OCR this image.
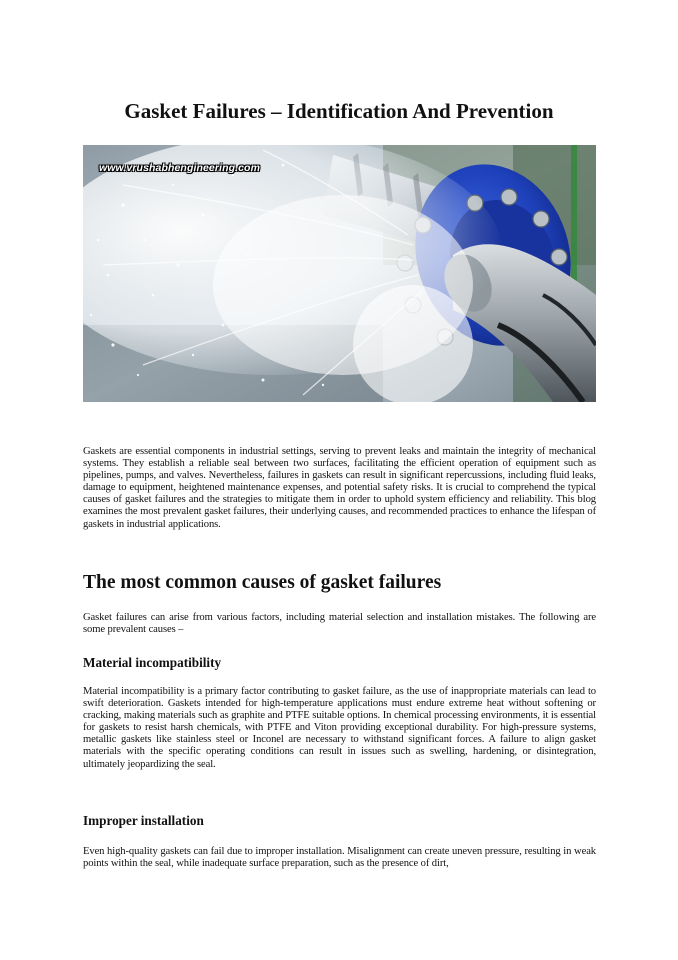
Gasket Failures – Identification And Prevention
www.vrushabhengineering.com

Gaskets are essential components in industrial settings, serving to prevent leaks and maintain the integrity of mechanical systems. They establish a reliable seal between two surfaces, facilitating the efficient operation of equipment such as pipelines, pumps, and valves. Nevertheless, failures in gaskets can result in significant repercussions, including fluid leaks, damage to equipment, heightened maintenance expenses, and potential safety risks. It is crucial to comprehend the typical causes of gasket failures and the strategies to mitigate them in order to uphold system efficiency and reliability. This blog examines the most prevalent gasket failures, their underlying causes, and recommended practices to enhance the lifespan of gaskets in industrial applications.

The most common causes of gasket failures

Gasket failures can arise from various factors, including material selection and installation mistakes. The following are some prevalent causes –

Material incompatibility

Material incompatibility is a primary factor contributing to gasket failure, as the use of inappropriate materials can lead to swift deterioration. Gaskets intended for high-temperature applications must endure extreme heat without softening or cracking, making materials such as graphite and PTFE suitable options. In chemical processing environments, it is essential for gaskets to resist harsh chemicals, with PTFE and Viton providing exceptional durability. For high-pressure systems, metallic gaskets like stainless steel or Inconel are necessary to withstand significant forces. A failure to align gasket materials with the specific operating conditions can result in issues such as swelling, hardening, or disintegration, ultimately jeopardizing the seal.

Improper installation

Even high-quality gaskets can fail due to improper installation. Misalignment can create uneven pressure, resulting in weak points within the seal, while inadequate surface preparation, such as the presence of dirt,
